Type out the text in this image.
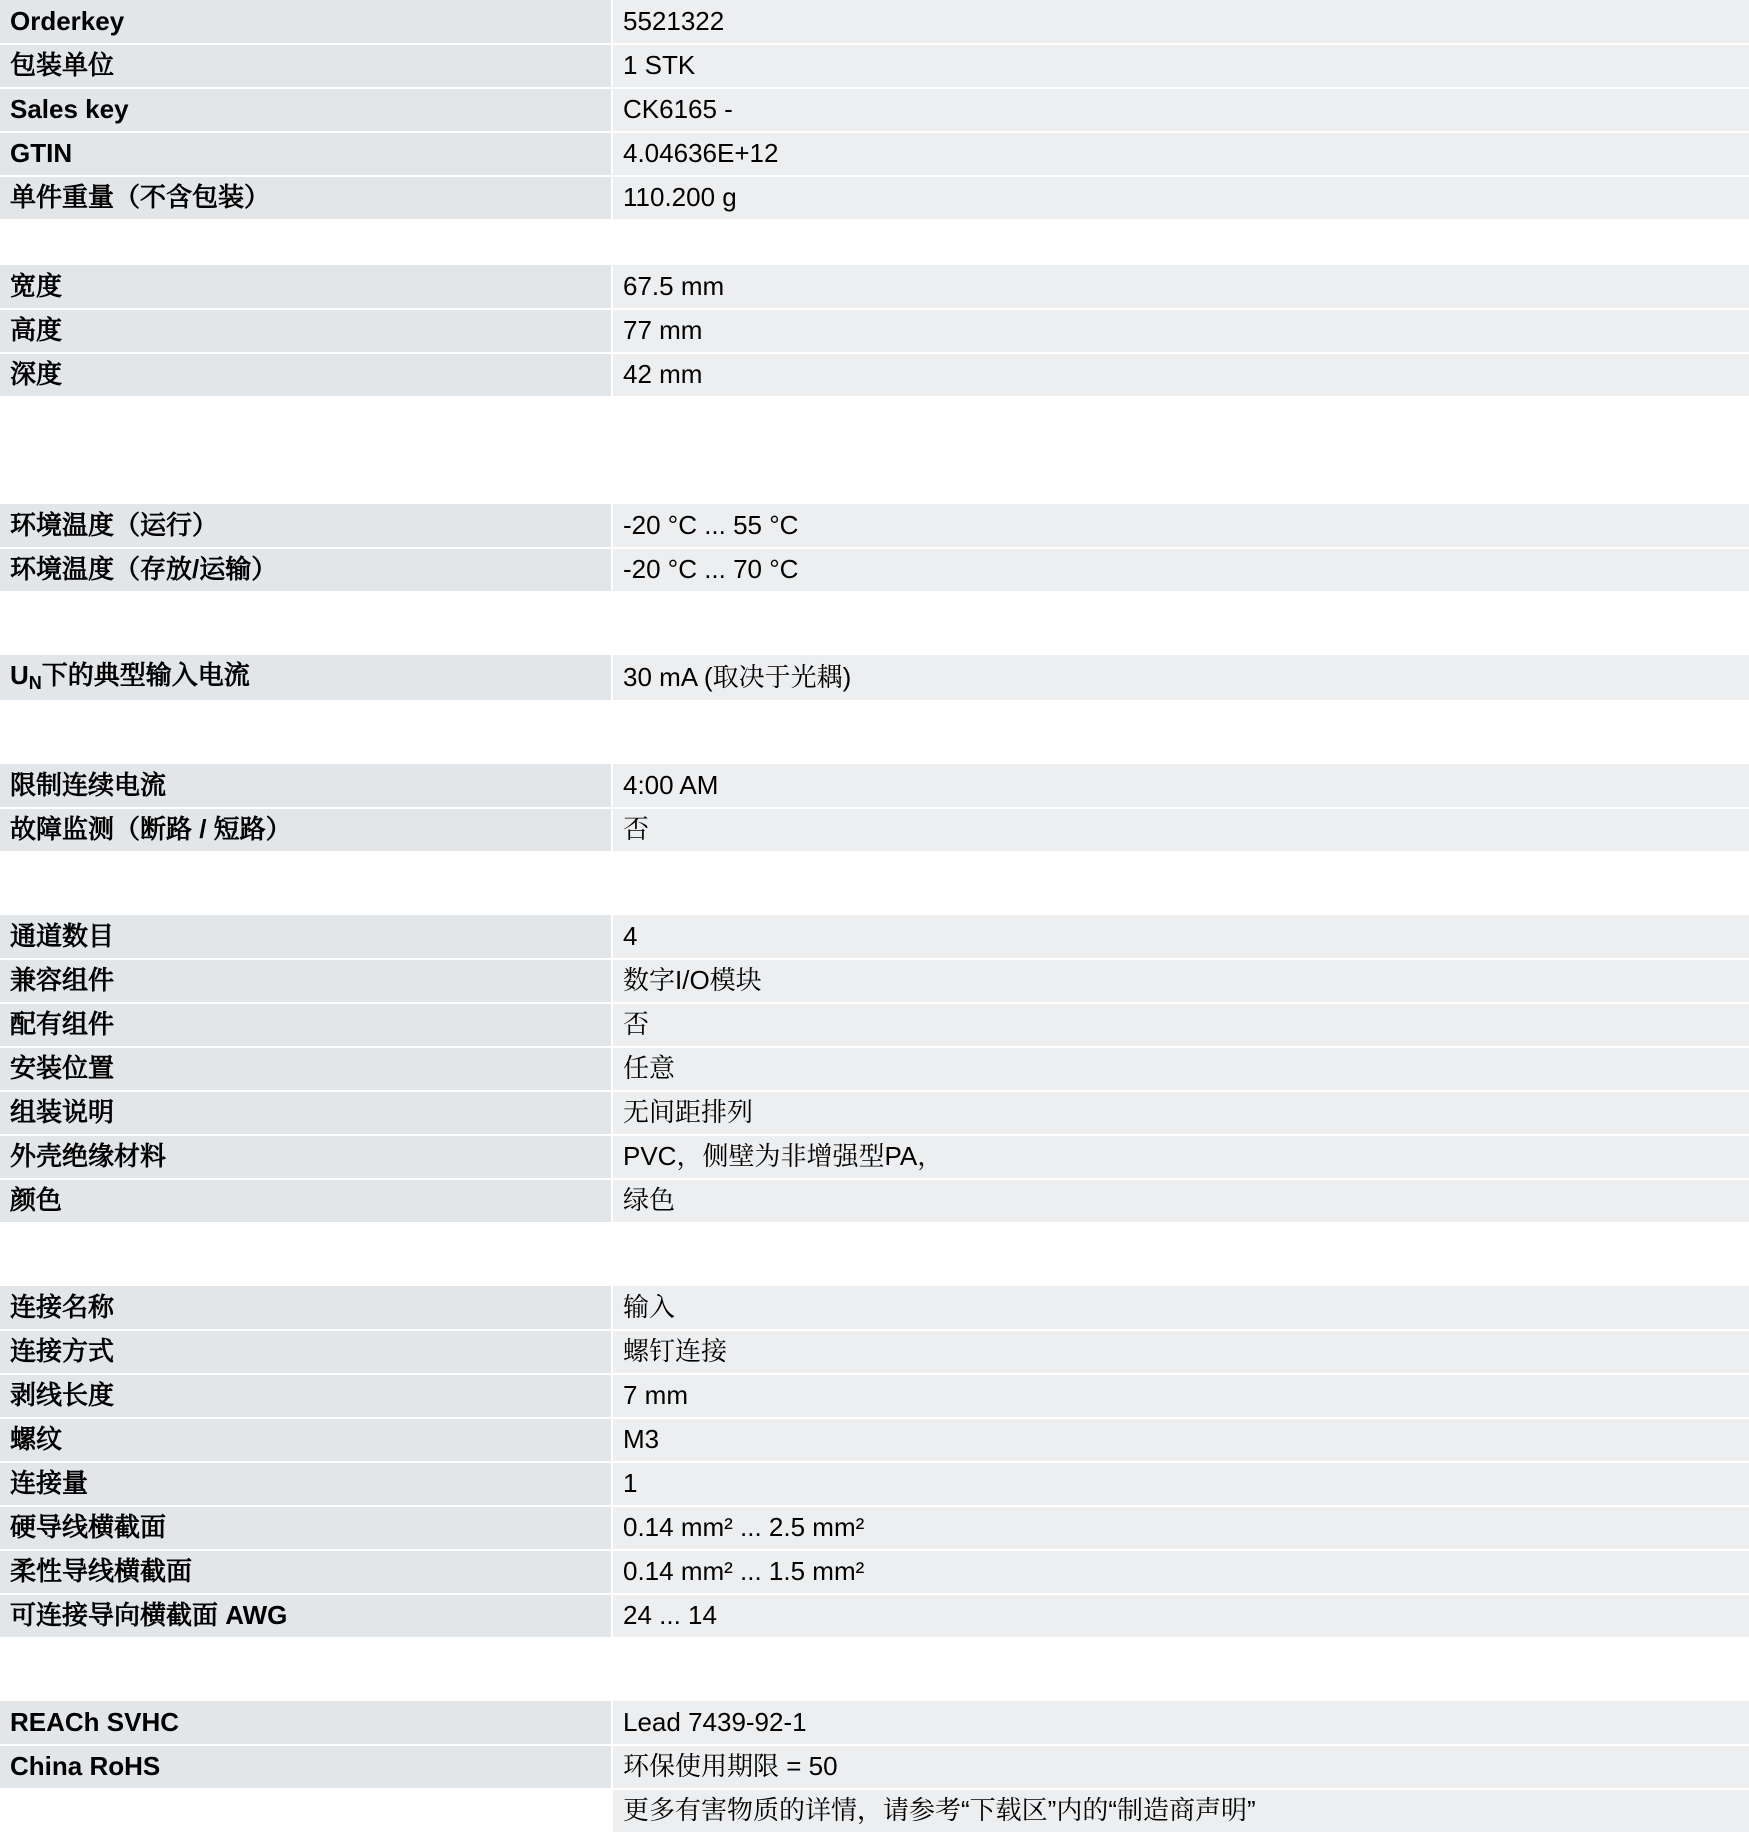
Orderkey	5521322
包装单位	1 STK
Sales key	CK6165 -
GTIN	4.04636E+12
单件重量（不含包装）	110.200 g
宽度	67.5 mm
高度	77 mm
深度	42 mm
环境温度（运行）	-20 °C ... 55 °C
环境温度（存放/运输）	-20 °C ... 70 °C
$U_N$下的典型输入电流	30 mA (取决于光耦)
限制连续电流	4:00 AM
故障监测（断路 / 短路）	否
通道数目	4
兼容组件	数字I/O模块
配有组件	否
安装位置	任意
组装说明	无间距排列
外壳绝缘材料	PVC，侧壁为非增强型PA，
颜色	绿色
连接名称	输入
连接方式	螺钉连接
剥线长度	7 mm
螺纹	M3
连接量	1
硬导线横截面	0.14 mm² ... 2.5 mm²
柔性导线横截面	0.14 mm² ... 1.5 mm²
可连接导向横截面 AWG	24 ... 14
REACh SVHC	Lead 7439-92-1
China RoHS	环保使用期限 = 50
	更多有害物质的详情，请参考“下载区”内的“制造商声明”
